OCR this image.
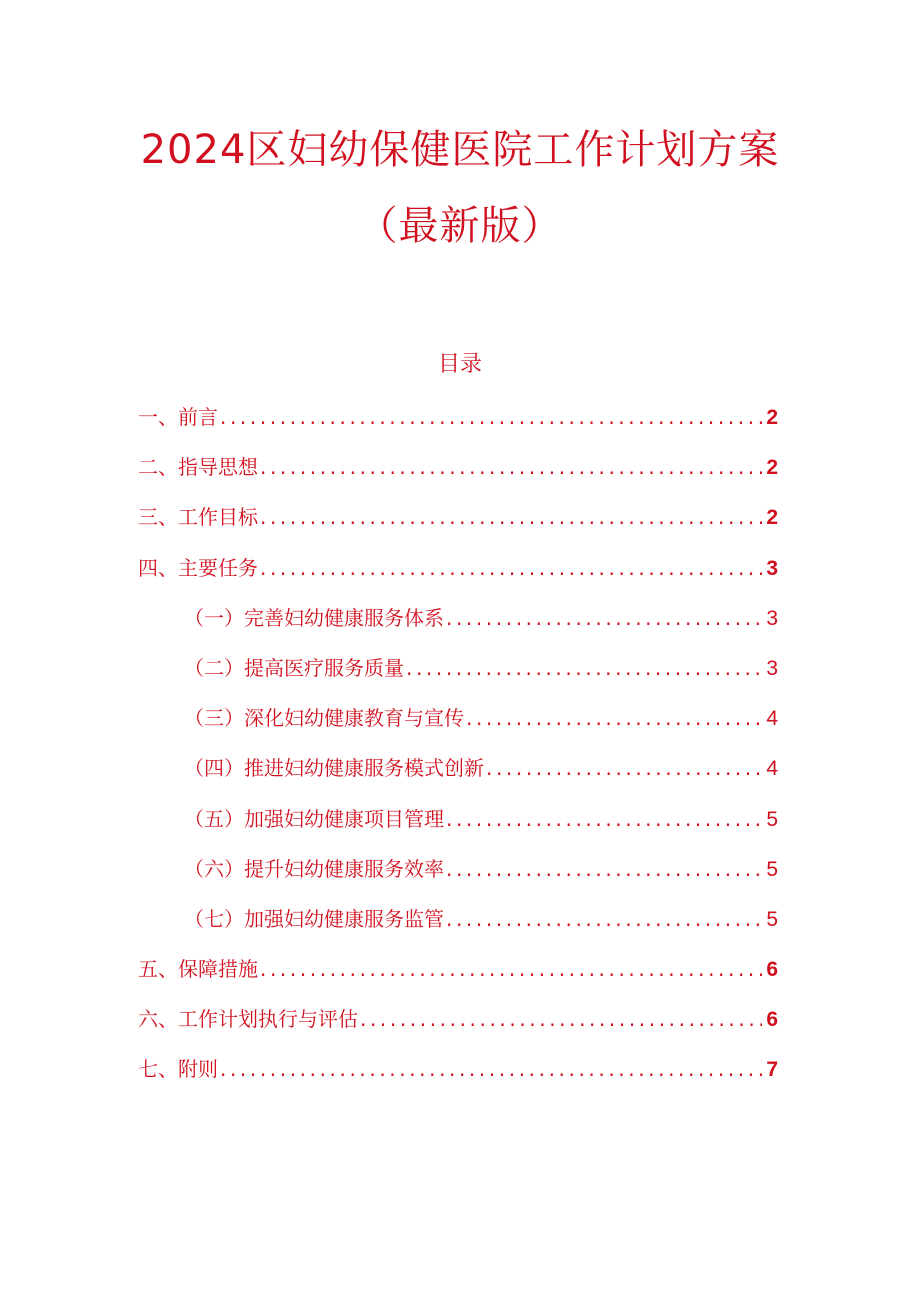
2024区妇幼保健医院工作计划方案
（最新版）
目录
一、前言 .....	2
二、指导思想 .....	2
三、工作目标 .....	2
四、主要任务 .....	3
（一）完善妇幼健康服务体系 .....	3
（二）提高医疗服务质量 .....	3
（三）深化妇幼健康教育与宣传 .....	4
（四）推进妇幼健康服务模式创新 .....	4
（五）加强妇幼健康项目管理 .....	5
（六）提升妇幼健康服务效率 .....	5
（七）加强妇幼健康服务监管 .....	5
五、保障措施 .....	6
六、工作计划执行与评估 .....	6
七、附则 .....	7
